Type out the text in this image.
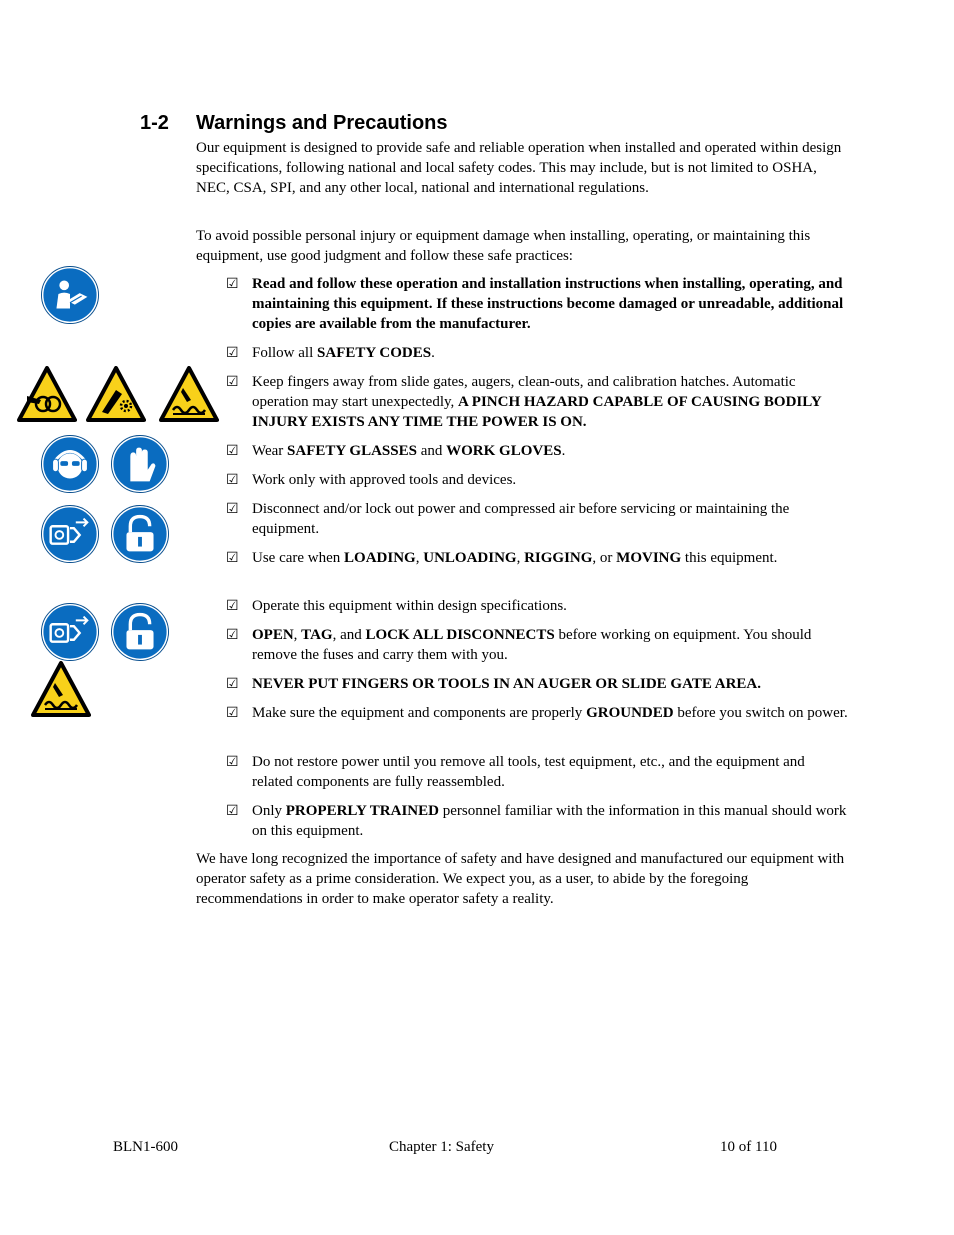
1-2 Warnings and Precautions

Our equipment is designed to provide safe and reliable operation when installed and operated within design specifications, following national and local safety codes. This may include, but is not limited to OSHA, NEC, CSA, SPI, and any other local, national and international regulations.

To avoid possible personal injury or equipment damage when installing, operating, or maintaining this equipment, use good judgment and follow these safe practices:

☑ Read and follow these operation and installation instructions when installing, operating, and maintaining this equipment. If these instructions become damaged or unreadable, additional copies are available from the manufacturer.
☑ Follow all SAFETY CODES.
☑ Keep fingers away from slide gates, augers, clean-outs, and calibration hatches. Automatic operation may start unexpectedly, A PINCH HAZARD CAPABLE OF CAUSING BODILY INJURY EXISTS ANY TIME THE POWER IS ON.
☑ Wear SAFETY GLASSES and WORK GLOVES.
☑ Work only with approved tools and devices.
☑ Disconnect and/or lock out power and compressed air before servicing or maintaining the equipment.
☑ Use care when LOADING, UNLOADING, RIGGING, or MOVING this equipment.
☑ Operate this equipment within design specifications.
☑ OPEN, TAG, and LOCK ALL DISCONNECTS before working on equipment. You should remove the fuses and carry them with you.
☑ NEVER PUT FINGERS OR TOOLS IN AN AUGER OR SLIDE GATE AREA.
☑ Make sure the equipment and components are properly GROUNDED before you switch on power.
☑ Do not restore power until you remove all tools, test equipment, etc., and the equipment and related components are fully reassembled.
☑ Only PROPERLY TRAINED personnel familiar with the information in this manual should work on this equipment.

We have long recognized the importance of safety and have designed and manufactured our equipment with operator safety as a prime consideration. We expect you, as a user, to abide by the foregoing recommendations in order to make operator safety a reality.

BLN1-600	Chapter 1: Safety	10 of 110
